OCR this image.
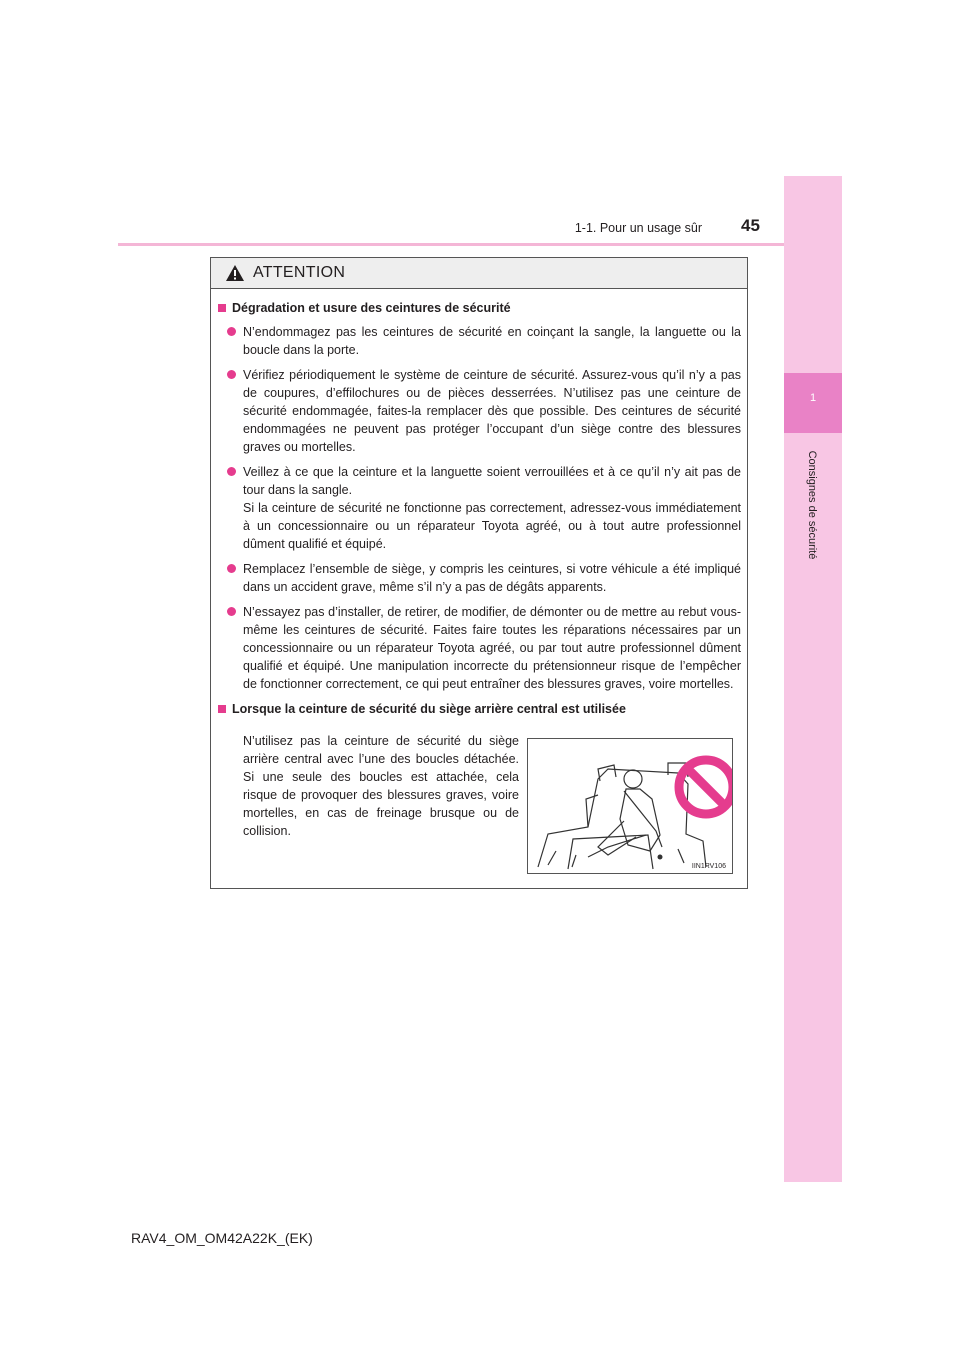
1-1. Pour un usage sûr 45
1
Consignes de sécurité
ATTENTION
Dégradation et usure des ceintures de sécurité
N’endommagez pas les ceintures de sécurité en coinçant la sangle, la languette ou la boucle dans la porte.
Vérifiez périodiquement le système de ceinture de sécurité. Assurez-vous qu’il n’y a pas de coupures, d’effilochures ou de pièces desserrées. N’utilisez pas une ceinture de sécurité endommagée, faites-la remplacer dès que possible. Des ceintures de sécurité endommagées ne peuvent pas protéger l’occupant d’un siège contre des blessures graves ou mortelles.
Veillez à ce que la ceinture et la languette soient verrouillées et à ce qu’il n’y ait pas de tour dans la sangle.
Si la ceinture de sécurité ne fonctionne pas correctement, adressez-vous immédiatement à un concessionnaire ou un réparateur Toyota agréé, ou à tout autre professionnel dûment qualifié et équipé.
Remplacez l’ensemble de siège, y compris les ceintures, si votre véhicule a été impliqué dans un accident grave, même s’il n’y a pas de dégâts apparents.
N’essayez pas d’installer, de retirer, de modifier, de démonter ou de mettre au rebut vous-même les ceintures de sécurité. Faites faire toutes les réparations nécessaires par un concessionnaire ou un réparateur Toyota agréé, ou par tout autre professionnel dûment qualifié et équipé. Une manipulation incorrecte du prétensionneur risque de l’empêcher de fonctionner correctement, ce qui peut entraîner des blessures graves, voire mortelles.
Lorsque la ceinture de sécurité du siège arrière central est utilisée
N’utilisez pas la ceinture de sécurité du siège arrière central avec l’une des boucles détachée. Si une seule des boucles est attachée, cela risque de provoquer des blessures graves, voire mortelles, en cas de freinage brusque ou de collision.
IIN1RV106
RAV4_OM_OM42A22K_(EK)
